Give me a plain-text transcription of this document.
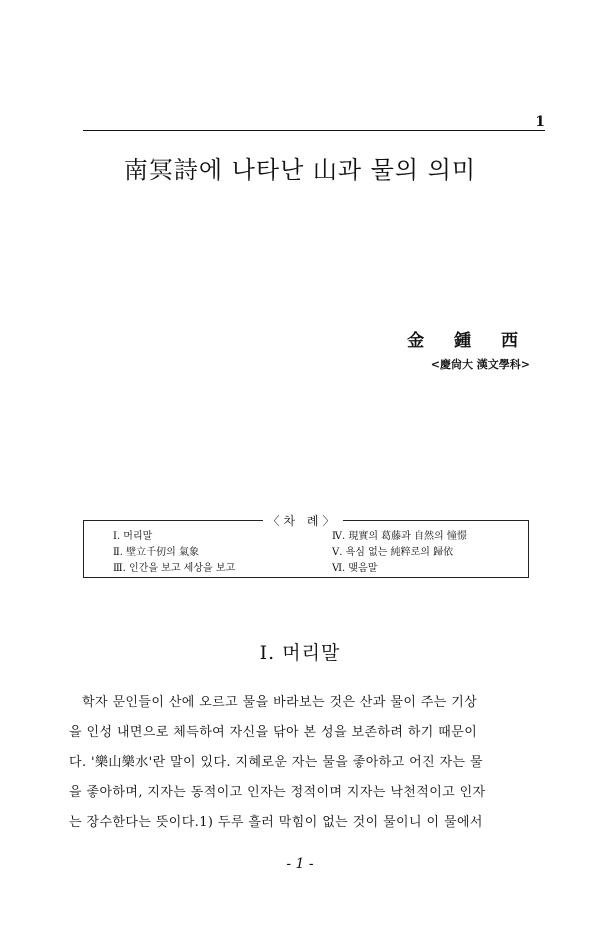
1
南冥詩에 나타난 山과 물의 의미
金 鍾 西
<慶尙大 漢文學科>
〈차 례〉
Ⅰ. 머리말
Ⅱ. 壁立千仞의 氣象
Ⅲ. 인간을 보고 세상을 보고
Ⅳ. 現實의 葛藤과 自然의 憧憬
Ⅴ. 욕심 없는 純粹로의 歸依
Ⅵ. 맺음말
Ⅰ. 머리말
학자 문인들이 산에 오르고 물을 바라보는 것은 산과 물이 주는 기상
을 인성 내면으로 체득하여 자신을 닦아 본 성을 보존하려 하기 때문이
다. '樂山樂水'란 말이 있다. 지혜로운 자는 물을 좋아하고 어진 자는 물
을 좋아하며, 지자는 동적이고 인자는 정적이며 지자는 낙천적이고 인자
는 장수한다는 뜻이다.1) 두루 흘러 막힘이 없는 것이 물이니 이 물에서
- 1 -
